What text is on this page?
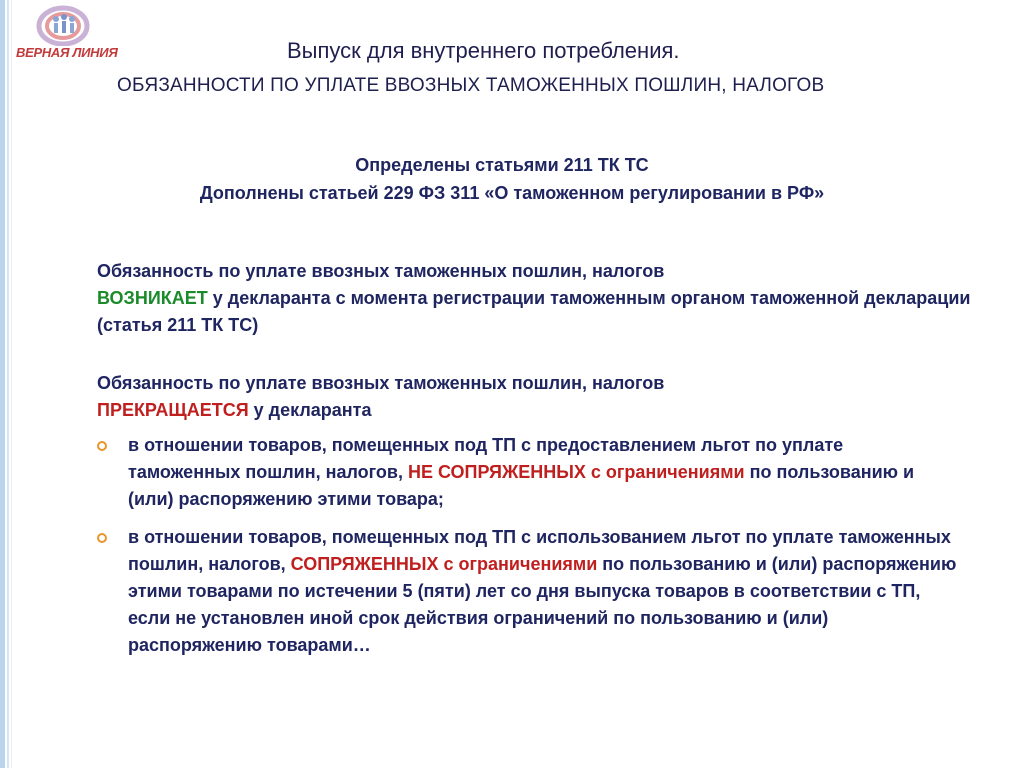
ВЕРНАЯ ЛИНИЯ	Выпуск для внутреннего потребления.
ОБЯЗАННОСТИ ПО УПЛАТЕ ВВОЗНЫХ ТАМОЖЕННЫХ ПОШЛИН, НАЛОГОВ
Определены статьями 211 ТК ТС
Дополнены статьей 229 ФЗ 311 «О таможенном регулировании в РФ»
Обязанность по уплате ввозных таможенных пошлин, налогов
ВОЗНИКАЕТ у декларанта с момента регистрации таможенным органом таможенной декларации (статья 211 ТК ТС)
Обязанность по уплате ввозных таможенных пошлин, налогов
ПРЕКРАЩАЕТСЯ у декларанта
в отношении товаров, помещенных под ТП с предоставлением льгот по уплате таможенных пошлин, налогов, НЕ СОПРЯЖЕННЫХ с ограничениями по пользованию и (или) распоряжению этими товара;
в отношении товаров, помещенных под ТП с использованием льгот по уплате таможенных пошлин, налогов, СОПРЯЖЕННЫХ с ограничениями по пользованию и (или) распоряжению этими товарами по истечении 5 (пяти) лет со дня выпуска товаров в соответствии с ТП, если не установлен иной срок действия ограничений по пользованию и (или) распоряжению товарами…
